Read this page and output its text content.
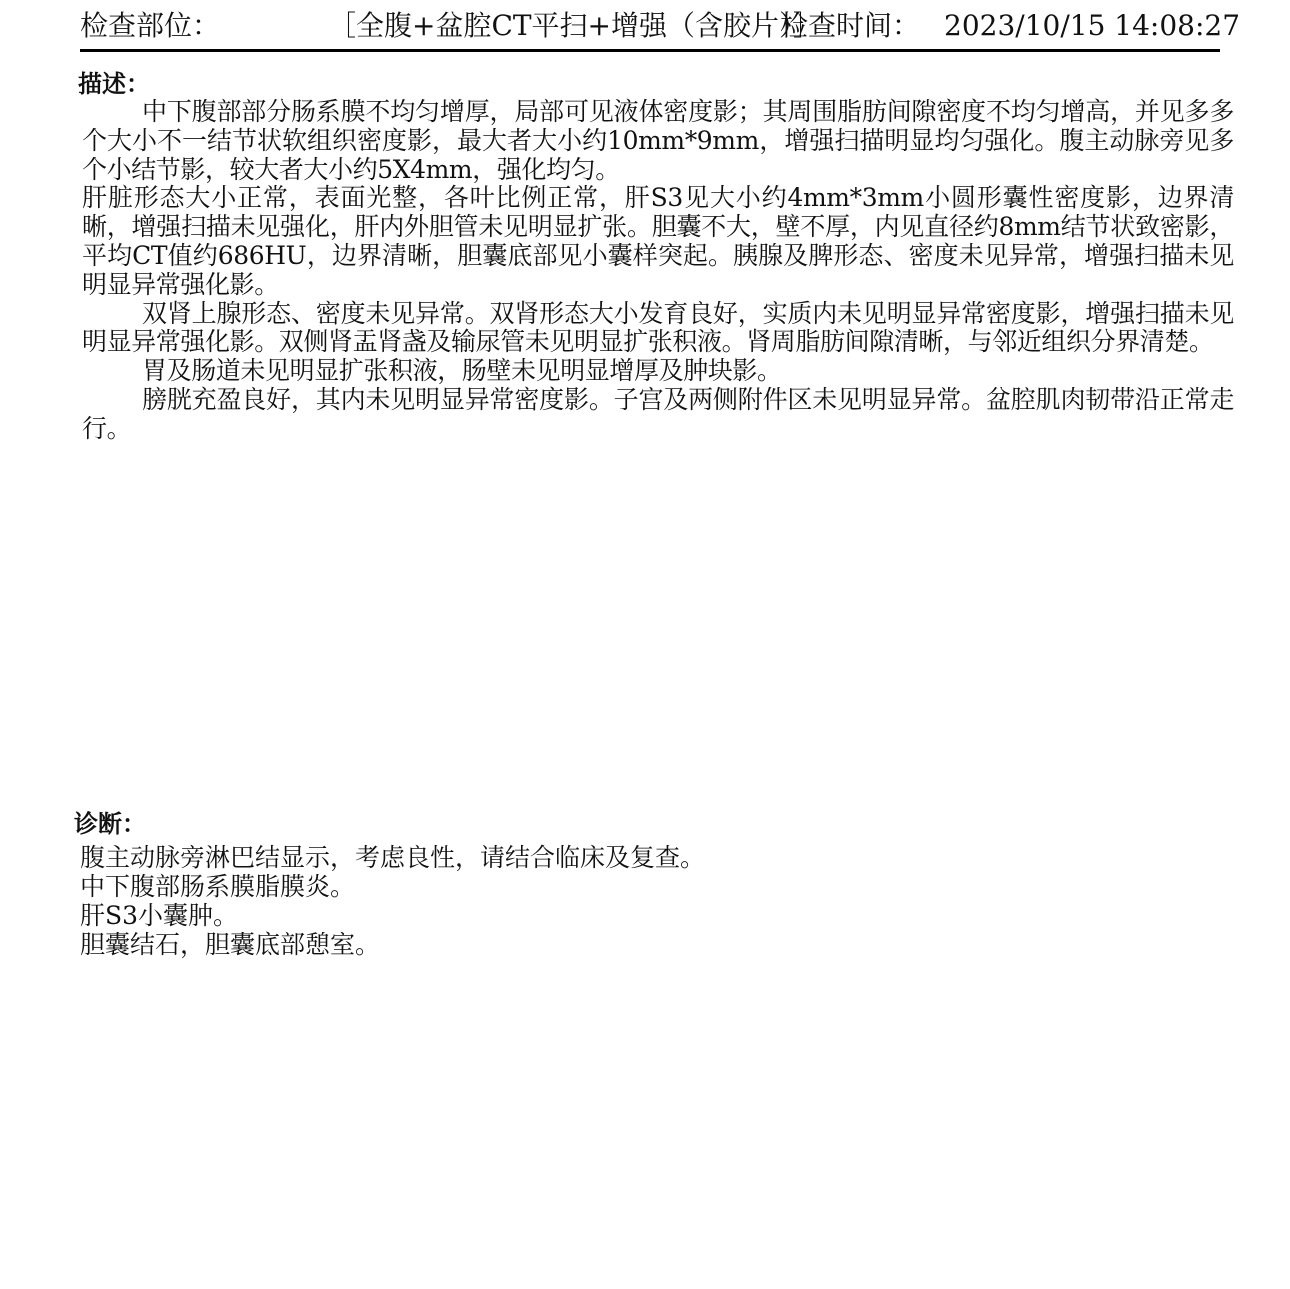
检查部位：	［全腹+盆腔CT平扫+增强（含胶片）］
检查时间： 2023/10/15 14:08:27
描述：

中下腹部部分肠系膜不均匀增厚，局部可见液体密度影；其周围脂肪间隙密度不均匀增高，并见多多个大小不一结节状软组织密度影，最大者大小约10mm*9mm，增强扫描明显均匀强化。腹主动脉旁见多个小结节影，较大者大小约5X4mm，强化均匀。

肝脏形态大小正常，表面光整，各叶比例正常，肝S3见大小约4mm*3mm小圆形囊性密度影，边界清晰，增强扫描未见强化，肝内外胆管未见明显扩张。胆囊不大，壁不厚，内见直径约8mm结节状致密影，平均CT值约686HU，边界清晰，胆囊底部见小囊样突起。胰腺及脾形态、密度未见异常，增强扫描未见明显异常强化影。

双肾上腺形态、密度未见异常。双肾形态大小发育良好，实质内未见明显异常密度影，增强扫描未见明显异常强化影。双侧肾盂肾盏及输尿管未见明显扩张积液。肾周脂肪间隙清晰，与邻近组织分界清楚。

胃及肠道未见明显扩张积液，肠壁未见明显增厚及肿块影。

膀胱充盈良好，其内未见明显异常密度影。子宫及两侧附件区未见明显异常。盆腔肌肉韧带沿正常走行。

诊断：

腹主动脉旁淋巴结显示，考虑良性，请结合临床及复查。

中下腹部肠系膜脂膜炎。

肝S3小囊肿。

胆囊结石，胆囊底部憩室。
